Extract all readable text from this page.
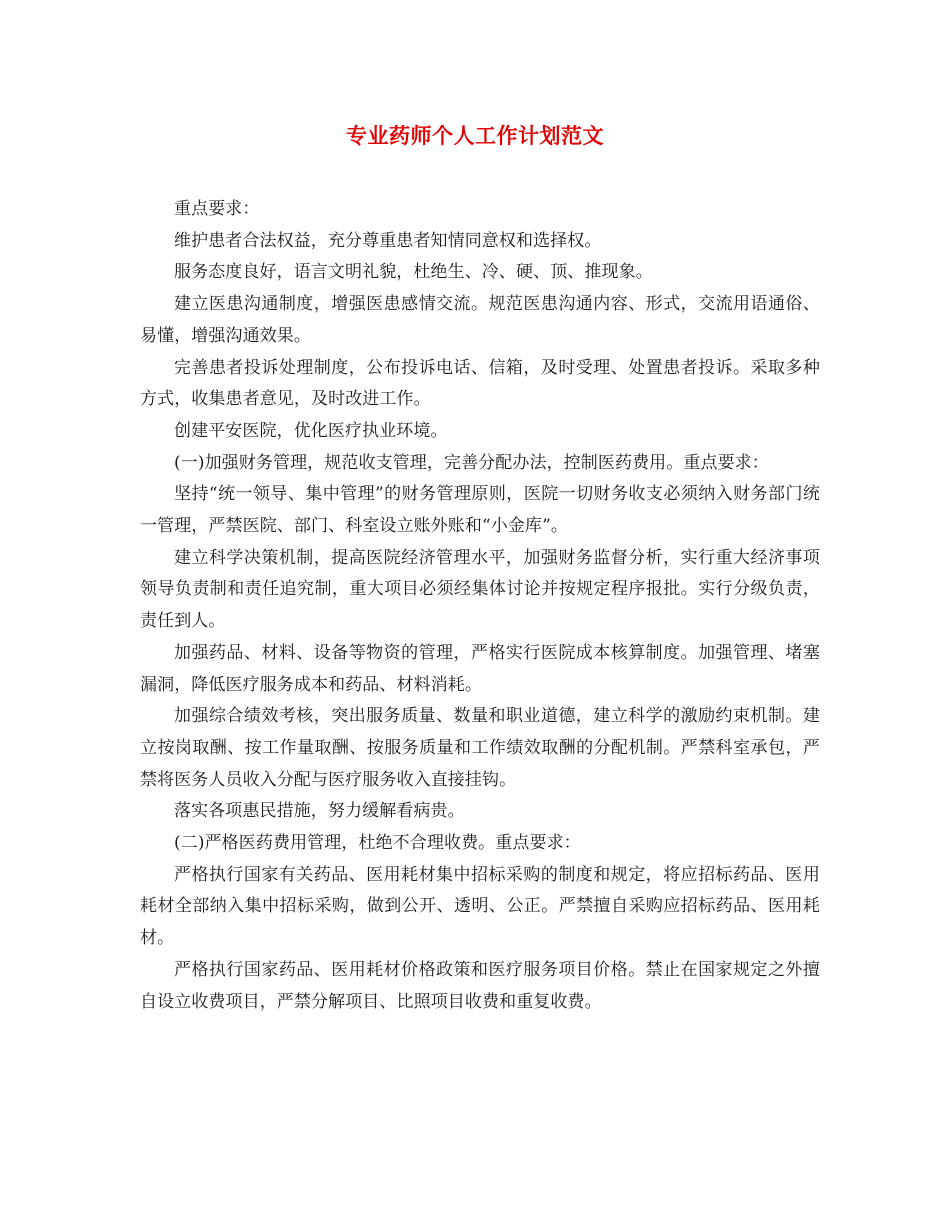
专业药师个人工作计划范文

重点要求：

维护患者合法权益，充分尊重患者知情同意权和选择权。

服务态度良好，语言文明礼貌，杜绝生、冷、硬、顶、推现象。

建立医患沟通制度，增强医患感情交流。规范医患沟通内容、形式，交流用语通俗、易懂，增强沟通效果。

完善患者投诉处理制度，公布投诉电话、信箱，及时受理、处置患者投诉。采取多种方式，收集患者意见，及时改进工作。

创建平安医院，优化医疗执业环境。

(一)加强财务管理，规范收支管理，完善分配办法，控制医药费用。重点要求：

坚持“统一领导、集中管理”的财务管理原则，医院一切财务收支必须纳入财务部门统一管理，严禁医院、部门、科室设立账外账和“小金库”。

建立科学决策机制，提高医院经济管理水平，加强财务监督分析，实行重大经济事项领导负责制和责任追究制，重大项目必须经集体讨论并按规定程序报批。实行分级负责，责任到人。

加强药品、材料、设备等物资的管理，严格实行医院成本核算制度。加强管理、堵塞漏洞，降低医疗服务成本和药品、材料消耗。

加强综合绩效考核，突出服务质量、数量和职业道德，建立科学的激励约束机制。建立按岗取酬、按工作量取酬、按服务质量和工作绩效取酬的分配机制。严禁科室承包，严禁将医务人员收入分配与医疗服务收入直接挂钩。

落实各项惠民措施，努力缓解看病贵。

(二)严格医药费用管理，杜绝不合理收费。重点要求：

严格执行国家有关药品、医用耗材集中招标采购的制度和规定，将应招标药品、医用耗材全部纳入集中招标采购，做到公开、透明、公正。严禁擅自采购应招标药品、医用耗材。

严格执行国家药品、医用耗材价格政策和医疗服务项目价格。禁止在国家规定之外擅自设立收费项目，严禁分解项目、比照项目收费和重复收费。
